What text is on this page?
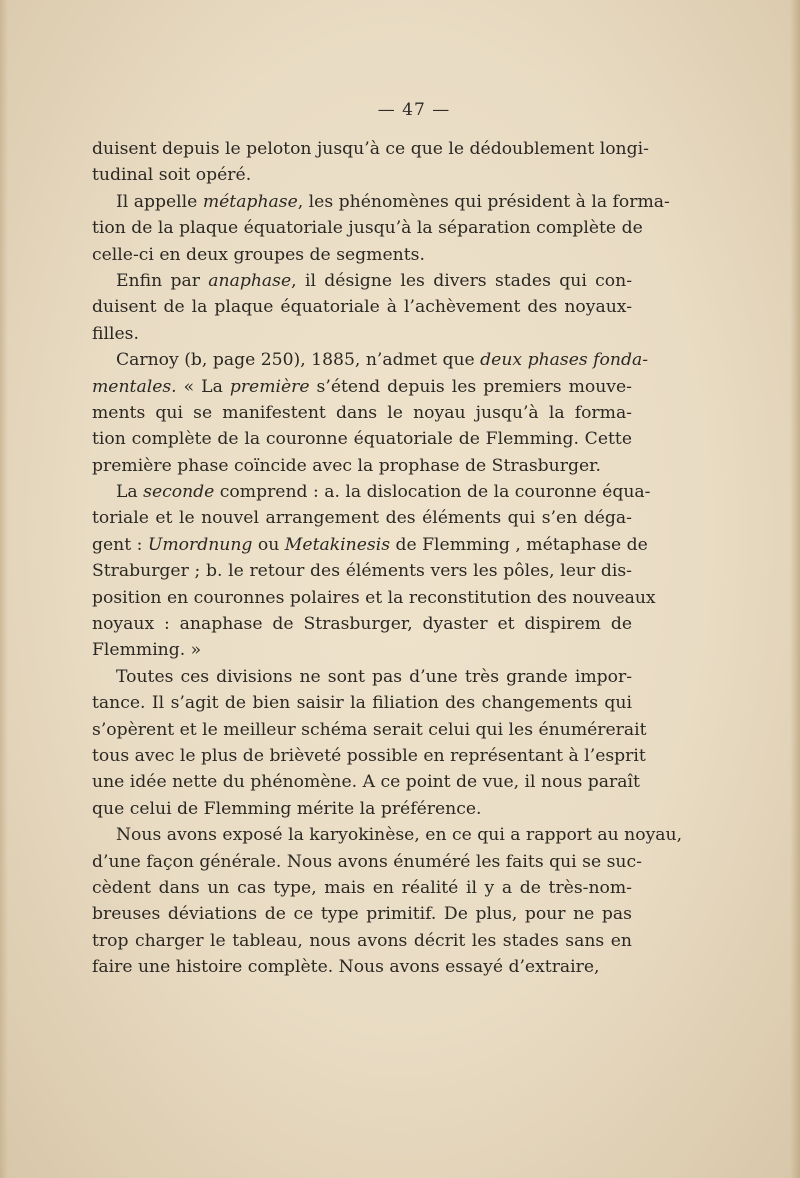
— 47 —
duisent depuis le peloton jusqu’à ce que le dédoublement longi-
tudinal soit opéré.
Il appelle métaphase, les phénomènes qui président à la forma-
tion de la plaque équatoriale jusqu’à la séparation complète de
celle-ci en deux groupes de segments.
Enfin par anaphase, il désigne les divers stades qui con-
duisent de la plaque équatoriale à l’achèvement des noyaux-
filles.
Carnoy (b, page 250), 1885, n’admet que deux phases fonda-
mentales. « La première s’étend depuis les premiers mouve-
ments qui se manifestent dans le noyau jusqu’à la forma-
tion complète de la couronne équatoriale de Flemming. Cette
première phase coïncide avec la prophase de Strasburger.
La seconde comprend : a. la dislocation de la couronne équa-
toriale et le nouvel arrangement des éléments qui s’en déga-
gent : Umordnung ou Metakinesis de Flemming , métaphase de
Straburger ; b. le retour des éléments vers les pôles, leur dis-
position en couronnes polaires et la reconstitution des nouveaux
noyaux : anaphase de Strasburger, dyaster et dispirem de
Flemming. »
Toutes ces divisions ne sont pas d’une très grande impor-
tance. Il s’agit de bien saisir la filiation des changements qui
s’opèrent et le meilleur schéma serait celui qui les énumérerait
tous avec le plus de brièveté possible en représentant à l’esprit
une idée nette du phénomène. A ce point de vue, il nous paraît
que celui de Flemming mérite la préférence.
Nous avons exposé la karyokinèse, en ce qui a rapport au noyau,
d’une façon générale. Nous avons énuméré les faits qui se suc-
cèdent dans un cas type, mais en réalité il y a de très-nom-
breuses déviations de ce type primitif. De plus, pour ne pas
trop charger le tableau, nous avons décrit les stades sans en
faire une histoire complète. Nous avons essayé d’extraire,
